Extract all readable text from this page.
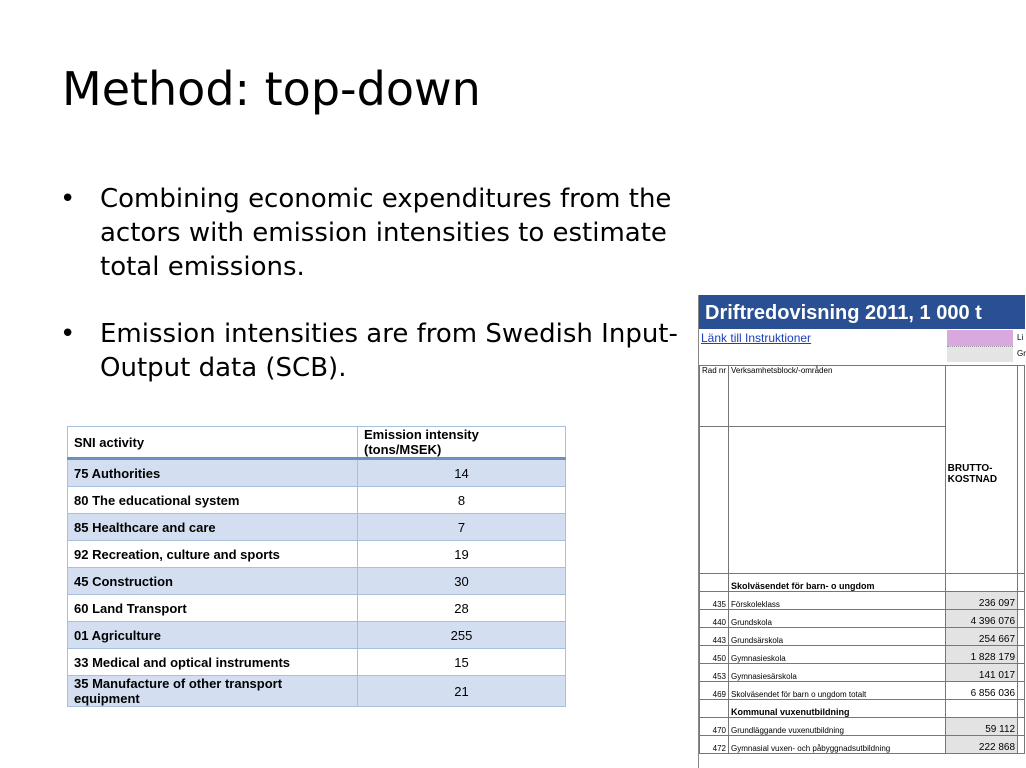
Method: top-down
• Combining economic expenditures from the actors with emission intensities to estimate total emissions.
• Emission intensities are from Swedish Input-Output data (SCB).
SNI activity	Emission intensity (tons/MSEK)
75 Authorities	14
80 The educational system	8
85 Healthcare and care	7
92 Recreation, culture and sports	19
45 Construction	30
60 Land Transport	28
01 Agriculture	255
33 Medical and optical instruments	15
35 Manufacture of other transport equipment	21
Driftredovisning 2011, 1 000 t
Länk till Instruktioner	Li
Gr
Rad nr	Verksamhetsblock/-områden	BRUTTO-KOSTNAD	

	Skolväsendet för barn- o ungdom		
435	Förskoleklass	236 097	
440	Grundskola	4 396 076	
443	Grundsärskola	254 667	
450	Gymnasieskola	1 828 179	
453	Gymnasiesärskola	141 017	
469	Skolväsendet för barn o ungdom totalt	6 856 036	
	Kommunal vuxenutbildning		
470	Grundläggande vuxenutbildning	59 112	
472	Gymnasial vuxen- och påbyggnadsutbildning	222 868	
